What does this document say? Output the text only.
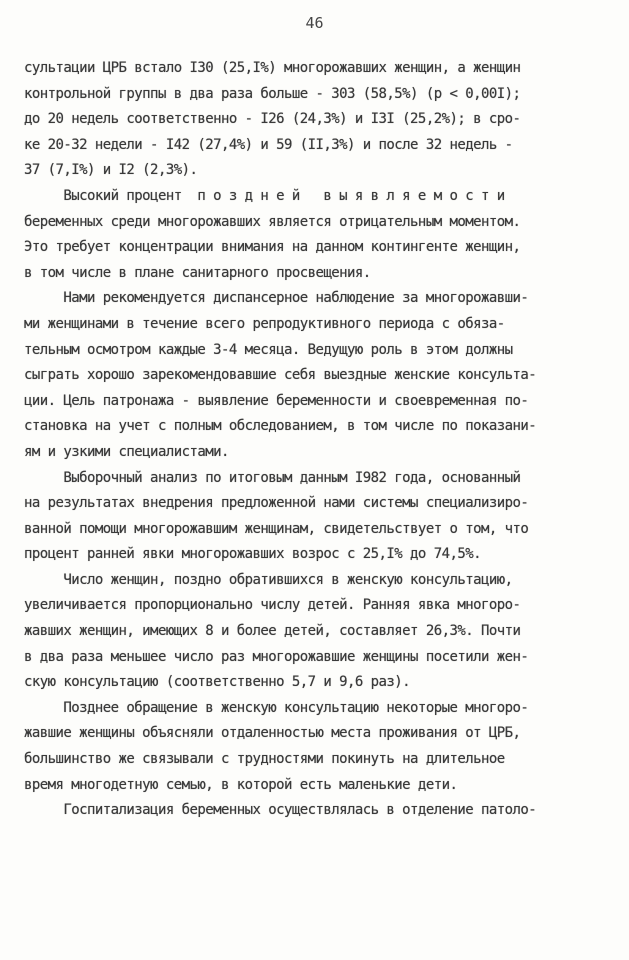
46
сультации ЦРБ встало I30 (25,I%) многорожавших женщин, а женщин
контрольной группы в два раза больше - 303 (58,5%) (p < 0,00I);
до 20 недель соответственно - I26 (24,3%) и I3I (25,2%); в сро-
ке 20-32 недели - I42 (27,4%) и 59 (II,3%) и после 32 недель -
37 (7,I%) и I2 (2,3%).
Высокий процент  п о з д н е й   в ы я в л я е м о с т и
беременных среди многорожавших является отрицательным моментом.
Это требует концентрации внимания на данном контингенте женщин,
в том числе в плане санитарного просвещения.
Нами рекомендуется диспансерное наблюдение за многорожавши-
ми женщинами в течение всего репродуктивного периода с обяза-
тельным осмотром каждые 3-4 месяца. Ведущую роль в этом должны
сыграть хорошо зарекомендовавшие себя выездные женские консульта-
ции. Цель патронажа - выявление беременности и своевременная по-
становка на учет с полным обследованием, в том числе по показани-
ям и узкими специалистами.
Выборочный анализ по итоговым данным I982 года, основанный
на результатах внедрения предложенной нами системы специализиро-
ванной помощи многорожавшим женщинам, свидетельствует о том, что
процент ранней явки многорожавших возрос с 25,I% до 74,5%.
Число женщин, поздно обратившихся в женскую консультацию,
увеличивается пропорционально числу детей. Ранняя явка многоро-
жавших женщин, имеющих 8 и более детей, составляет 26,3%. Почти
в два раза меньшее число раз многорожавшие женщины посетили жен-
скую консультацию (соответственно 5,7 и 9,6 раз).
Позднее обращение в женскую консультацию некоторые многоро-
жавшие женщины объясняли отдаленностью места проживания от ЦРБ,
большинство же связывали с трудностями покинуть на длительное
время многодетную семью, в которой есть маленькие дети.
Госпитализация беременных осуществлялась в отделение патоло-
